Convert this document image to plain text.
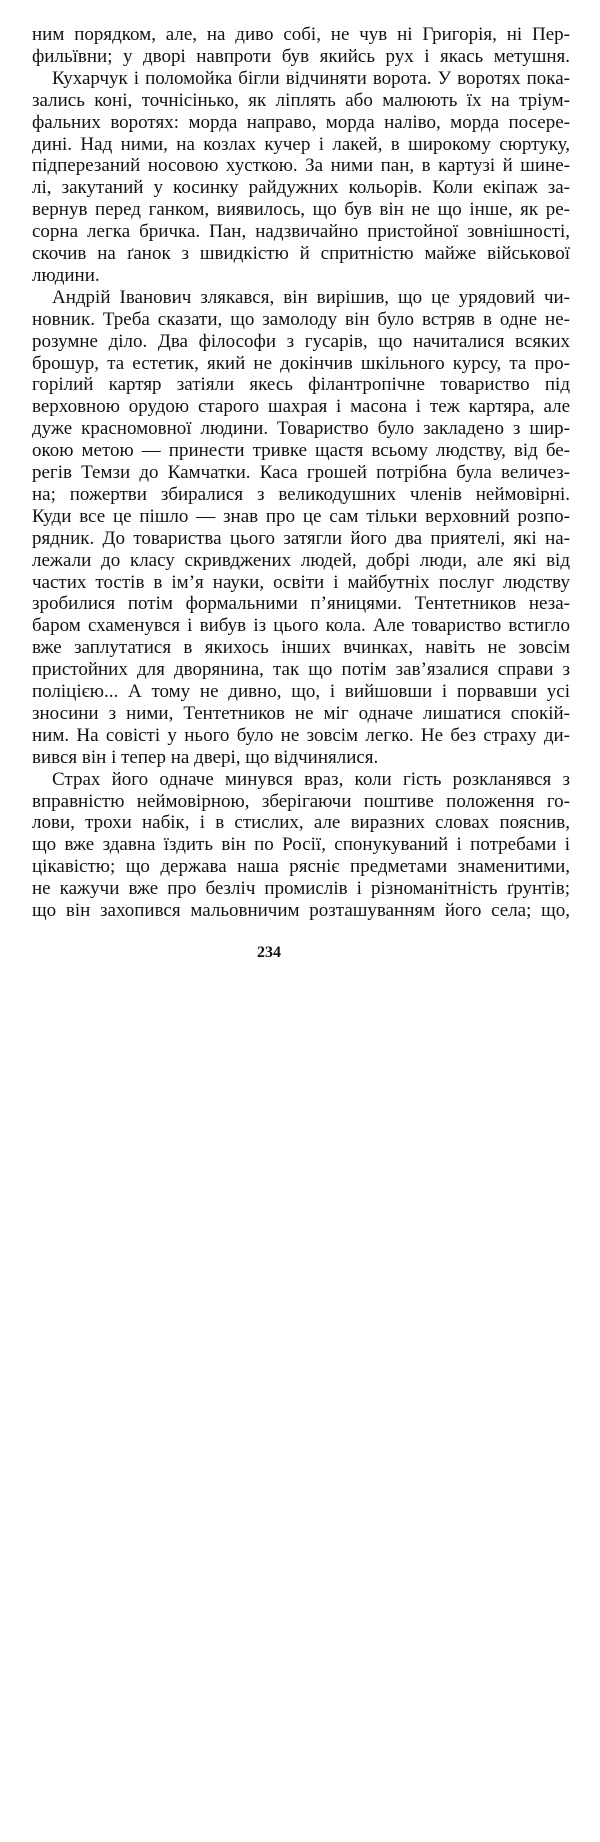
ним порядком, але, на диво собі, не чув ні Григорія, ні Пер-
фильївни; у дворі навпроти був якийсь рух і якась метушня.
Кухарчук і поломойка бігли відчиняти ворота. У воротях пока-
зались коні, точнісінько, як ліплять або малюють їх на тріум-
фальних воротях: морда направо, морда наліво, морда посере-
дині. Над ними, на козлах кучер і лакей, в широкому сюртуку,
підперезаний носовою хусткою. За ними пан, в картузі й шине-
лі, закутаний у косинку райдужних кольорів. Коли екіпаж за-
вернув перед ганком, виявилось, що був він не що інше, як ре-
сорна легка бричка. Пан, надзвичайно пристойної зовнішності,
скочив на ґанок з швидкістю й спритністю майже військової
людини.
Андрій Іванович злякався, він вирішив, що це урядовий чи-
новник. Треба сказати, що замолоду він було встряв в одне не-
розумне діло. Два філософи з гусарів, що начиталися всяких
брошур, та естетик, який не докінчив шкільного курсу, та про-
горілий картяр затіяли якесь філантропічне товариство під
верховною орудою старого шахрая і масона і теж картяра, але
дуже красномовної людини. Товариство було закладено з шир-
окою метою — принести тривке щастя всьому людству, від бе-
регів Темзи до Камчатки. Каса грошей потрібна була величез-
на; пожертви збиралися з великодушних членів неймовірні.
Куди все це пішло — знав про це сам тільки верховний розпо-
рядник. До товариства цього затягли його два приятелі, які на-
лежали до класу скривджених людей, добрі люди, але які від
частих тостів в ім’я науки, освіти і майбутніх послуг людству
зробилися потім формальними п’яницями. Тентетников неза-
баром схаменувся і вибув із цього кола. Але товариство встигло
вже заплутатися в якихось інших вчинках, навіть не зовсім
пристойних для дворянина, так що потім зав’язалися справи з
поліцією... А тому не дивно, що, і вийшовши і порвавши усі
зносини з ними, Тентетников не міг одначе лишатися спокій-
ним. На совісті у нього було не зовсім легко. Не без страху ди-
вився він і тепер на двері, що відчинялися.
Страх його одначе минувся враз, коли гість розкланявся з
вправністю неймовірною, зберігаючи поштиве положення го-
лови, трохи набік, і в стислих, але виразних словах пояснив,
що вже здавна їздить він по Росії, спонукуваний і потребами і
цікавістю; що держава наша рясніє предметами знаменитими,
не кажучи вже про безліч промислів і різноманітність ґрунтів;
що він захопився мальовничим розташуванням його села; що,
234
